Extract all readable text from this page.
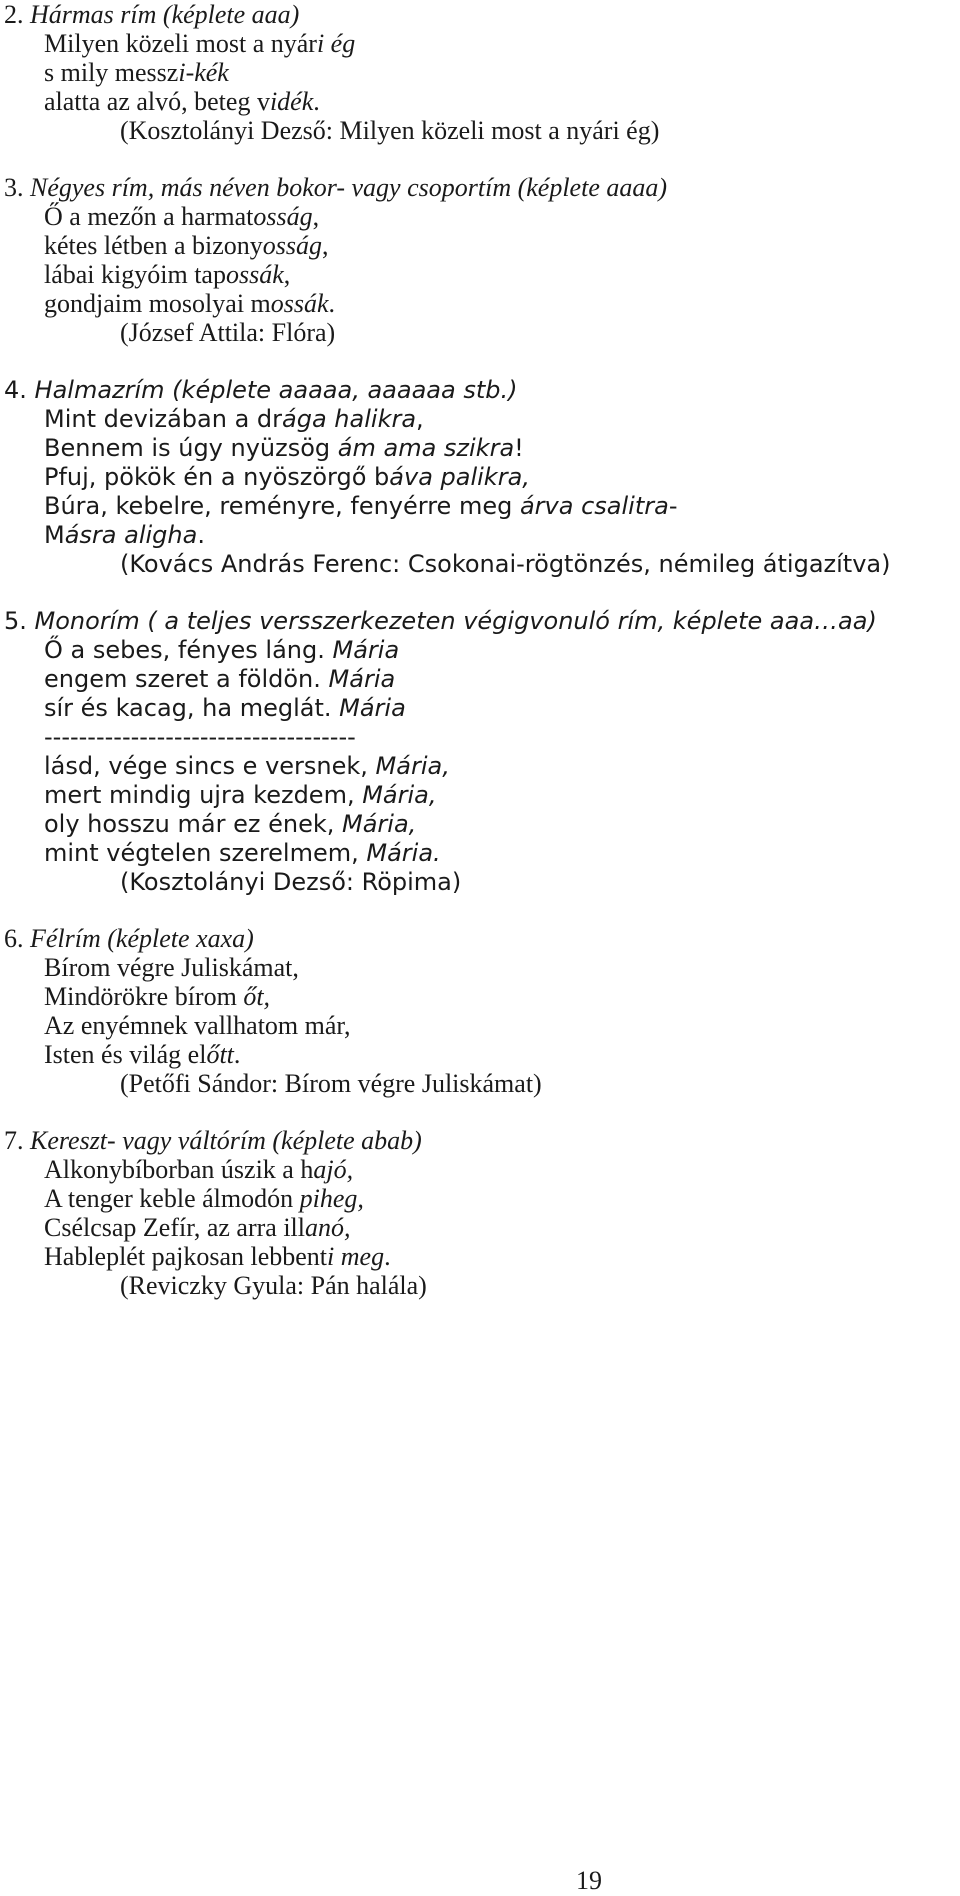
2. Hármas rím (képlete aaa)
Milyen közeli most a nyári ég
s mily messzi-kék
alatta az alvó, beteg vidék.
(Kosztolányi Dezső: Milyen közeli most a nyári ég)
3. Négyes rím, más néven bokor- vagy csoportím (képlete aaaa)
Ő a mezőn a harmatosság,
kétes létben a bizonyosság,
lábai kigyóim tapossák,
gondjaim mosolyai mossák.
(József Attila: Flóra)
4. Halmazrím (képlete aaaaa, aaaaaa stb.)
Mint devizában a drága halikra,
Bennem is úgy nyüzsög ám ama szikra!
Pfuj, pökök én a nyöszörgő báva palikra,
Búra, kebelre, reményre, fenyérre meg árva csalitra-
Másra aligha.
(Kovács András Ferenc: Csokonai-rögtönzés, némileg átigazítva)
5. Monorím ( a teljes versszerkezeten végigvonuló rím, képlete aaa…aa)
Ő a sebes, fényes láng. Mária
engem szeret a földön. Mária
sír és kacag, ha meglát. Mária
------------------------------------
lásd, vége sincs e versnek, Mária,
mert mindig ujra kezdem, Mária,
oly hosszu már ez ének, Mária,
mint végtelen szerelmem, Mária.
(Kosztolányi Dezső: Röpima)
6. Félrím (képlete xaxa)
Bírom végre Juliskámat,
Mindörökre bírom őt,
Az enyémnek vallhatom már,
Isten és világ előtt.
(Petőfi Sándor: Bírom végre Juliskámat)
7. Kereszt- vagy váltórím (képlete abab)
Alkonybíborban úszik a hajó,
A tenger keble álmodón piheg,
Csélcsap Zefír, az arra illanó,
Hableplét pajkosan lebbenti meg.
(Reviczky Gyula: Pán halála)
19
